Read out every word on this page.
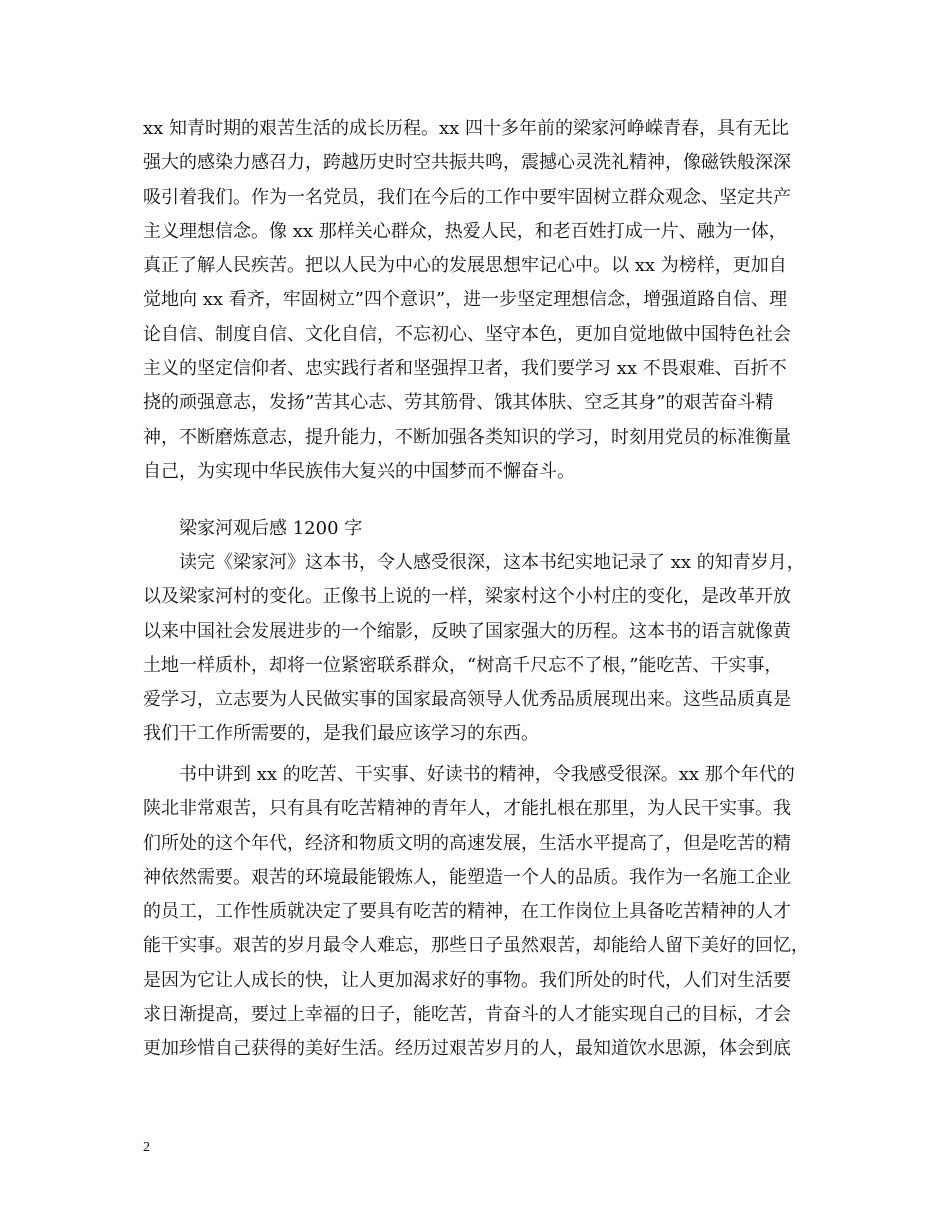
xx 知青时期的艰苦生活的成长历程。xx 四十多年前的梁家河峥嵘青春，具有无比
强大的感染力感召力，跨越历史时空共振共鸣，震撼心灵洗礼精神，像磁铁般深深
吸引着我们。作为一名党员，我们在今后的工作中要牢固树立群众观念、坚定共产
主义理想信念。像 xx 那样关心群众，热爱人民，和老百姓打成一片、融为一体，
真正了解人民疾苦。把以人民为中心的发展思想牢记心中。以 xx 为榜样，更加自
觉地向 xx 看齐，牢固树立”四个意识”，进一步坚定理想信念，增强道路自信、理
论自信、制度自信、文化自信，不忘初心、坚守本色，更加自觉地做中国特色社会
主义的坚定信仰者、忠实践行者和坚强捍卫者，我们要学习 xx 不畏艰难、百折不
挠的顽强意志，发扬”苦其心志、劳其筋骨、饿其体肤、空乏其身”的艰苦奋斗精
神，不断磨炼意志，提升能力，不断加强各类知识的学习，时刻用党员的标准衡量
自己，为实现中华民族伟大复兴的中国梦而不懈奋斗。
梁家河观后感 1200 字
读完《梁家河》这本书，令人感受很深，这本书纪实地记录了 xx 的知青岁月，
以及梁家河村的变化。正像书上说的一样，梁家村这个小村庄的变化，是改革开放
以来中国社会发展进步的一个缩影，反映了国家强大的历程。这本书的语言就像黄
土地一样质朴，却将一位紧密联系群众，“树高千尺忘不了根，”能吃苦、干实事，
爱学习，立志要为人民做实事的国家最高领导人优秀品质展现出来。这些品质真是
我们干工作所需要的，是我们最应该学习的东西。
书中讲到 xx 的吃苦、干实事、好读书的精神，令我感受很深。xx 那个年代的
陕北非常艰苦，只有具有吃苦精神的青年人，才能扎根在那里，为人民干实事。我
们所处的这个年代，经济和物质文明的高速发展，生活水平提高了，但是吃苦的精
神依然需要。艰苦的环境最能锻炼人，能塑造一个人的品质。我作为一名施工企业
的员工，工作性质就决定了要具有吃苦的精神，在工作岗位上具备吃苦精神的人才
能干实事。艰苦的岁月最令人难忘，那些日子虽然艰苦，却能给人留下美好的回忆，
是因为它让人成长的快，让人更加渴求好的事物。我们所处的时代，人们对生活要
求日渐提高，要过上幸福的日子，能吃苦，肯奋斗的人才能实现自己的目标，才会
更加珍惜自己获得的美好生活。经历过艰苦岁月的人，最知道饮水思源，体会到底
2
